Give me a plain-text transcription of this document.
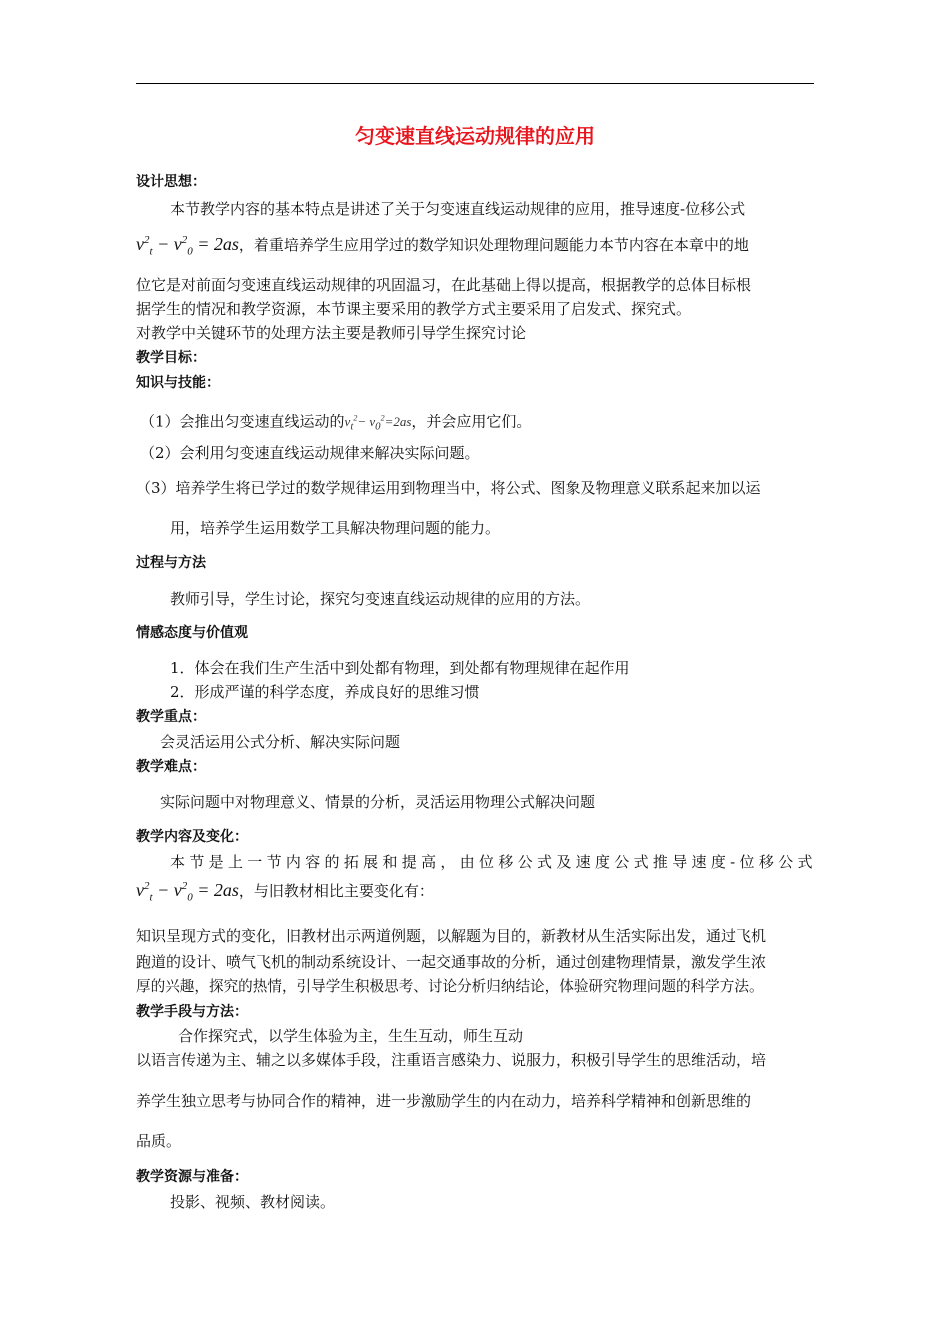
匀变速直线运动规律的应用
设计思想：
本节教学内容的基本特点是讲述了关于匀变速直线运动规律的应用，推导速度-位移公式
$v^2_t - v^2_0 = 2as$，着重培养学生应用学过的数学知识处理物理问题能力本节内容在本章中的地
位它是对前面匀变速直线运动规律的巩固温习，在此基础上得以提高，根据教学的总体目标根
据学生的情况和教学资源，本节课主要采用的教学方式主要采用了启发式、探究式。
对教学中关键环节的处理方法主要是教师引导学生探究讨论
教学目标：
知识与技能：
（1）会推出匀变速直线运动的$v_t^2- v_0^2=2as$，并会应用它们。
（2）会利用匀变速直线运动规律来解决实际问题。
（3）培养学生将已学过的数学规律运用到物理当中，将公式、图象及物理意义联系起来加以运
用，培养学生运用数学工具解决物理问题的能力。
过程与方法
教师引导，学生讨论，探究匀变速直线运动规律的应用的方法。
情感态度与价值观
1．体会在我们生产生活中到处都有物理，到处都有物理规律在起作用
2．形成严谨的科学态度，养成良好的思维习惯
教学重点：
会灵活运用公式分析、解决实际问题
教学难点：
实际问题中对物理意义、情景的分析，灵活运用物理公式解决问题
教学内容及变化：
本节是上一节内容的拓展和提高，由位移公式及速度公式推导速度-位移公式
$v^2_t - v^2_0 = 2as$，与旧教材相比主要变化有：
知识呈现方式的变化，旧教材出示两道例题，以解题为目的，新教材从生活实际出发，通过飞机
跑道的设计、喷气飞机的制动系统设计、一起交通事故的分析，通过创建物理情景，激发学生浓
厚的兴趣，探究的热情，引导学生积极思考、讨论分析归纳结论，体验研究物理问题的科学方法。
教学手段与方法：
合作探究式，以学生体验为主，生生互动，师生互动
以语言传递为主、辅之以多媒体手段，注重语言感染力、说服力，积极引导学生的思维活动，培
养学生独立思考与协同合作的精神，进一步激励学生的内在动力，培养科学精神和创新思维的
品质。
教学资源与准备：
投影、视频、教材阅读。
